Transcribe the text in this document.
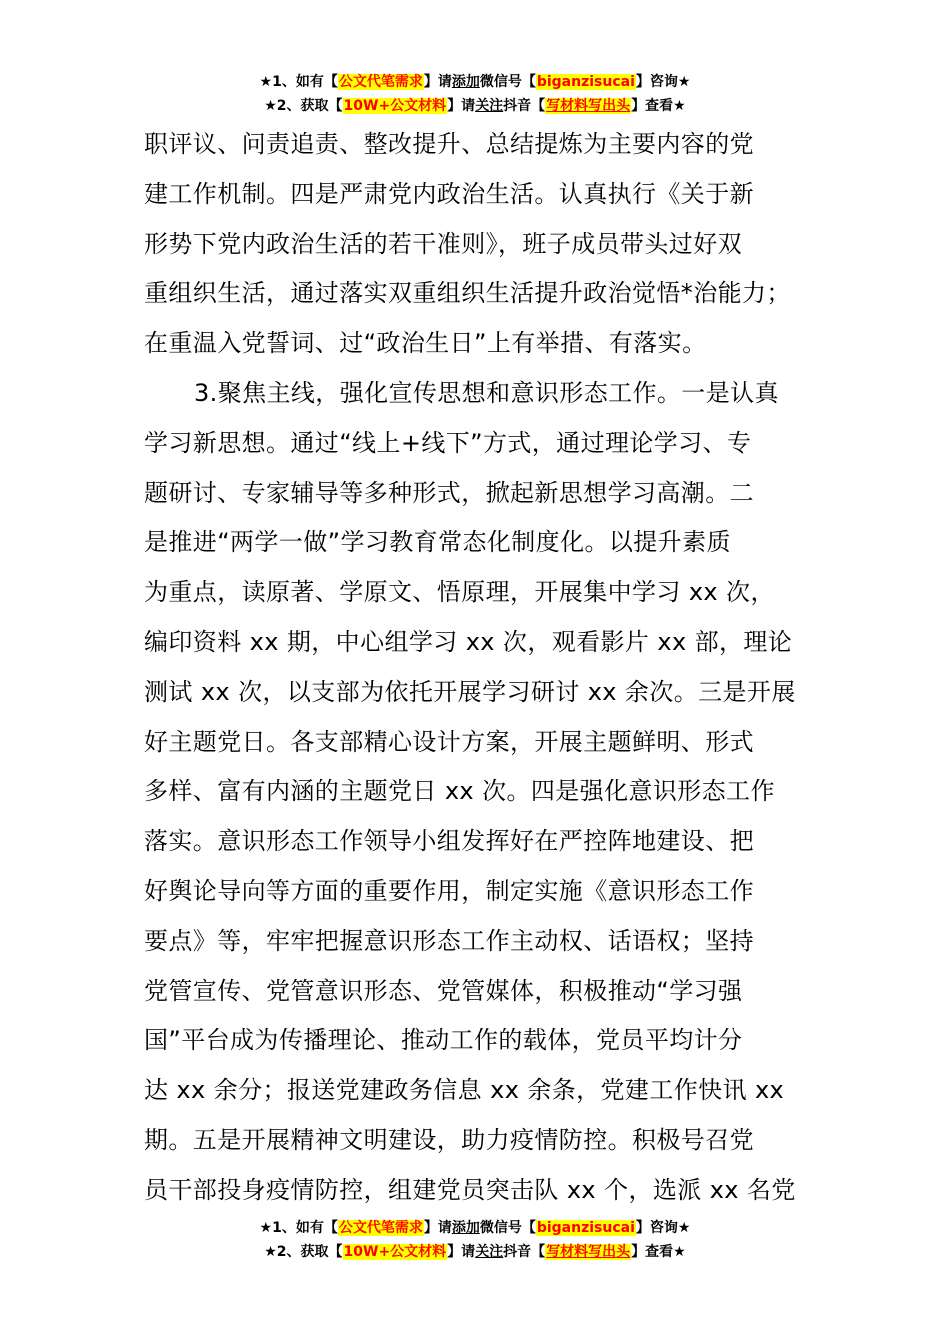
★1、如有【公文代笔需求】请添加微信号【biganzisucai】咨询★
★2、获取【10W+公文材料】请关注抖音【写材料写出头】查看★
职评议、问责追责、整改提升、总结提炼为主要内容的党
建工作机制。四是严肃党内政治生活。认真执行《关于新
形势下党内政治生活的若干准则》，班子成员带头过好双
重组织生活，通过落实双重组织生活提升政治觉悟*治能力；
在重温入党誓词、过“政治生日”上有举措、有落实。
3.聚焦主线，强化宣传思想和意识形态工作。一是认真
学习新思想。通过“线上+线下”方式，通过理论学习、专
题研讨、专家辅导等多种形式，掀起新思想学习高潮。二
是推进“两学一做”学习教育常态化制度化。以提升素质
为重点，读原著、学原文、悟原理，开展集中学习 xx 次，
编印资料 xx 期，中心组学习 xx 次，观看影片 xx 部，理论
测试 xx 次，以支部为依托开展学习研讨 xx 余次。三是开展
好主题党日。各支部精心设计方案，开展主题鲜明、形式
多样、富有内涵的主题党日 xx 次。四是强化意识形态工作
落实。意识形态工作领导小组发挥好在严控阵地建设、把
好舆论导向等方面的重要作用，制定实施《意识形态工作
要点》等，牢牢把握意识形态工作主动权、话语权；坚持
党管宣传、党管意识形态、党管媒体，积极推动“学习强
国”平台成为传播理论、推动工作的载体，党员平均计分
达 xx 余分；报送党建政务信息 xx 余条，党建工作快讯 xx
期。五是开展精神文明建设，助力疫情防控。积极号召党
员干部投身疫情防控，组建党员突击队 xx 个，选派 xx 名党
★1、如有【公文代笔需求】请添加微信号【biganzisucai】咨询★
★2、获取【10W+公文材料】请关注抖音【写材料写出头】查看★
